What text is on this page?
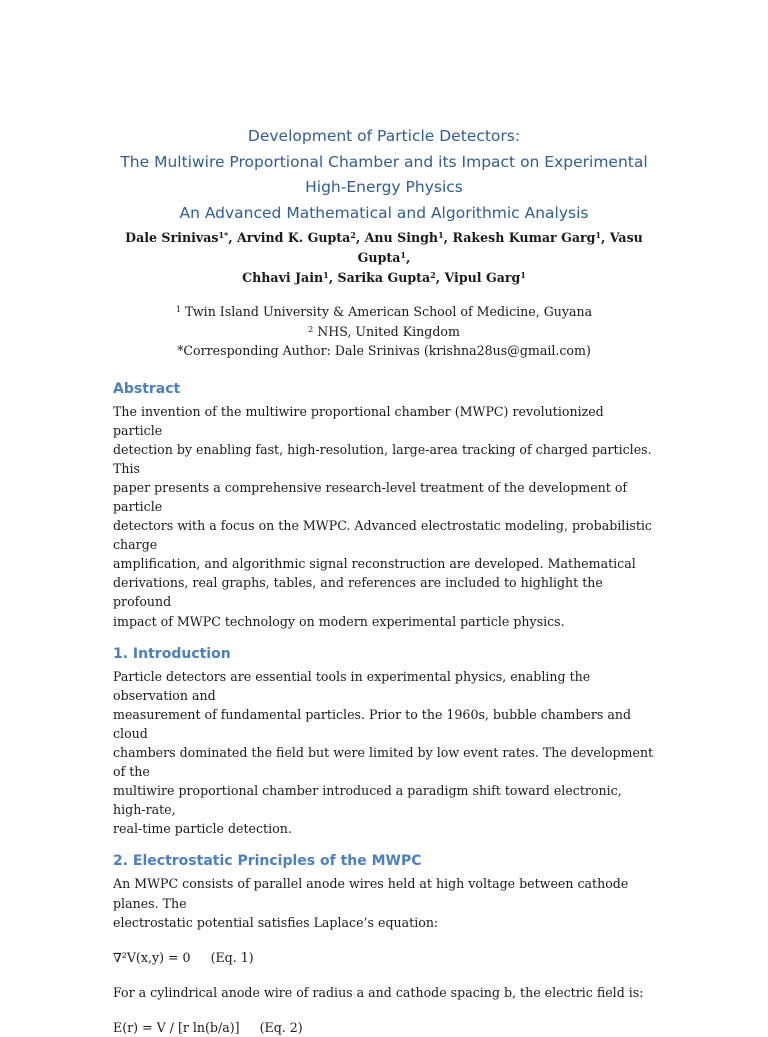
Development of Particle Detectors:

The Multiwire Proportional Chamber and its Impact on Experimental

High-Energy Physics

An Advanced Mathematical and Algorithmic Analysis

Dale Srinivas$^{1*}$, Arvind K. Gupta$^2$, Anu Singh$^1$, Rakesh Kumar Garg$^1$, Vasu Gupta$^1$,
Chhavi Jain$^1$, Sarika Gupta$^2$, Vipul Garg$^1$
$^1$ Twin Island University & American School of Medicine, Guyana
$^2$ NHS, United Kingdom
*Corresponding Author: Dale Srinivas (krishna28us@gmail.com)
Abstract

The invention of the multiwire proportional chamber (MWPC) revolutionized particle

detection by enabling fast, high-resolution, large-area tracking of charged particles. This

paper presents a comprehensive research-level treatment of the development of particle

detectors with a focus on the MWPC. Advanced electrostatic modeling, probabilistic charge

amplification, and algorithmic signal reconstruction are developed. Mathematical

derivations, real graphs, tables, and references are included to highlight the profound

impact of MWPC technology on modern experimental particle physics.

1. Introduction

Particle detectors are essential tools in experimental physics, enabling the observation and

measurement of fundamental particles. Prior to the 1960s, bubble chambers and cloud

chambers dominated the field but were limited by low event rates. The development of the

multiwire proportional chamber introduced a paradigm shift toward electronic, high-rate,

real-time particle detection.

2. Electrostatic Principles of the MWPC

An MWPC consists of parallel anode wires held at high voltage between cathode planes. The

electrostatic potential satisfies Laplace’s equation:

∇²V(x,y) = 0     (Eq. 1)

For a cylindrical anode wire of radius a and cathode spacing b, the electric field is:

E(r) = V / [r ln(b/a)]     (Eq. 2)
